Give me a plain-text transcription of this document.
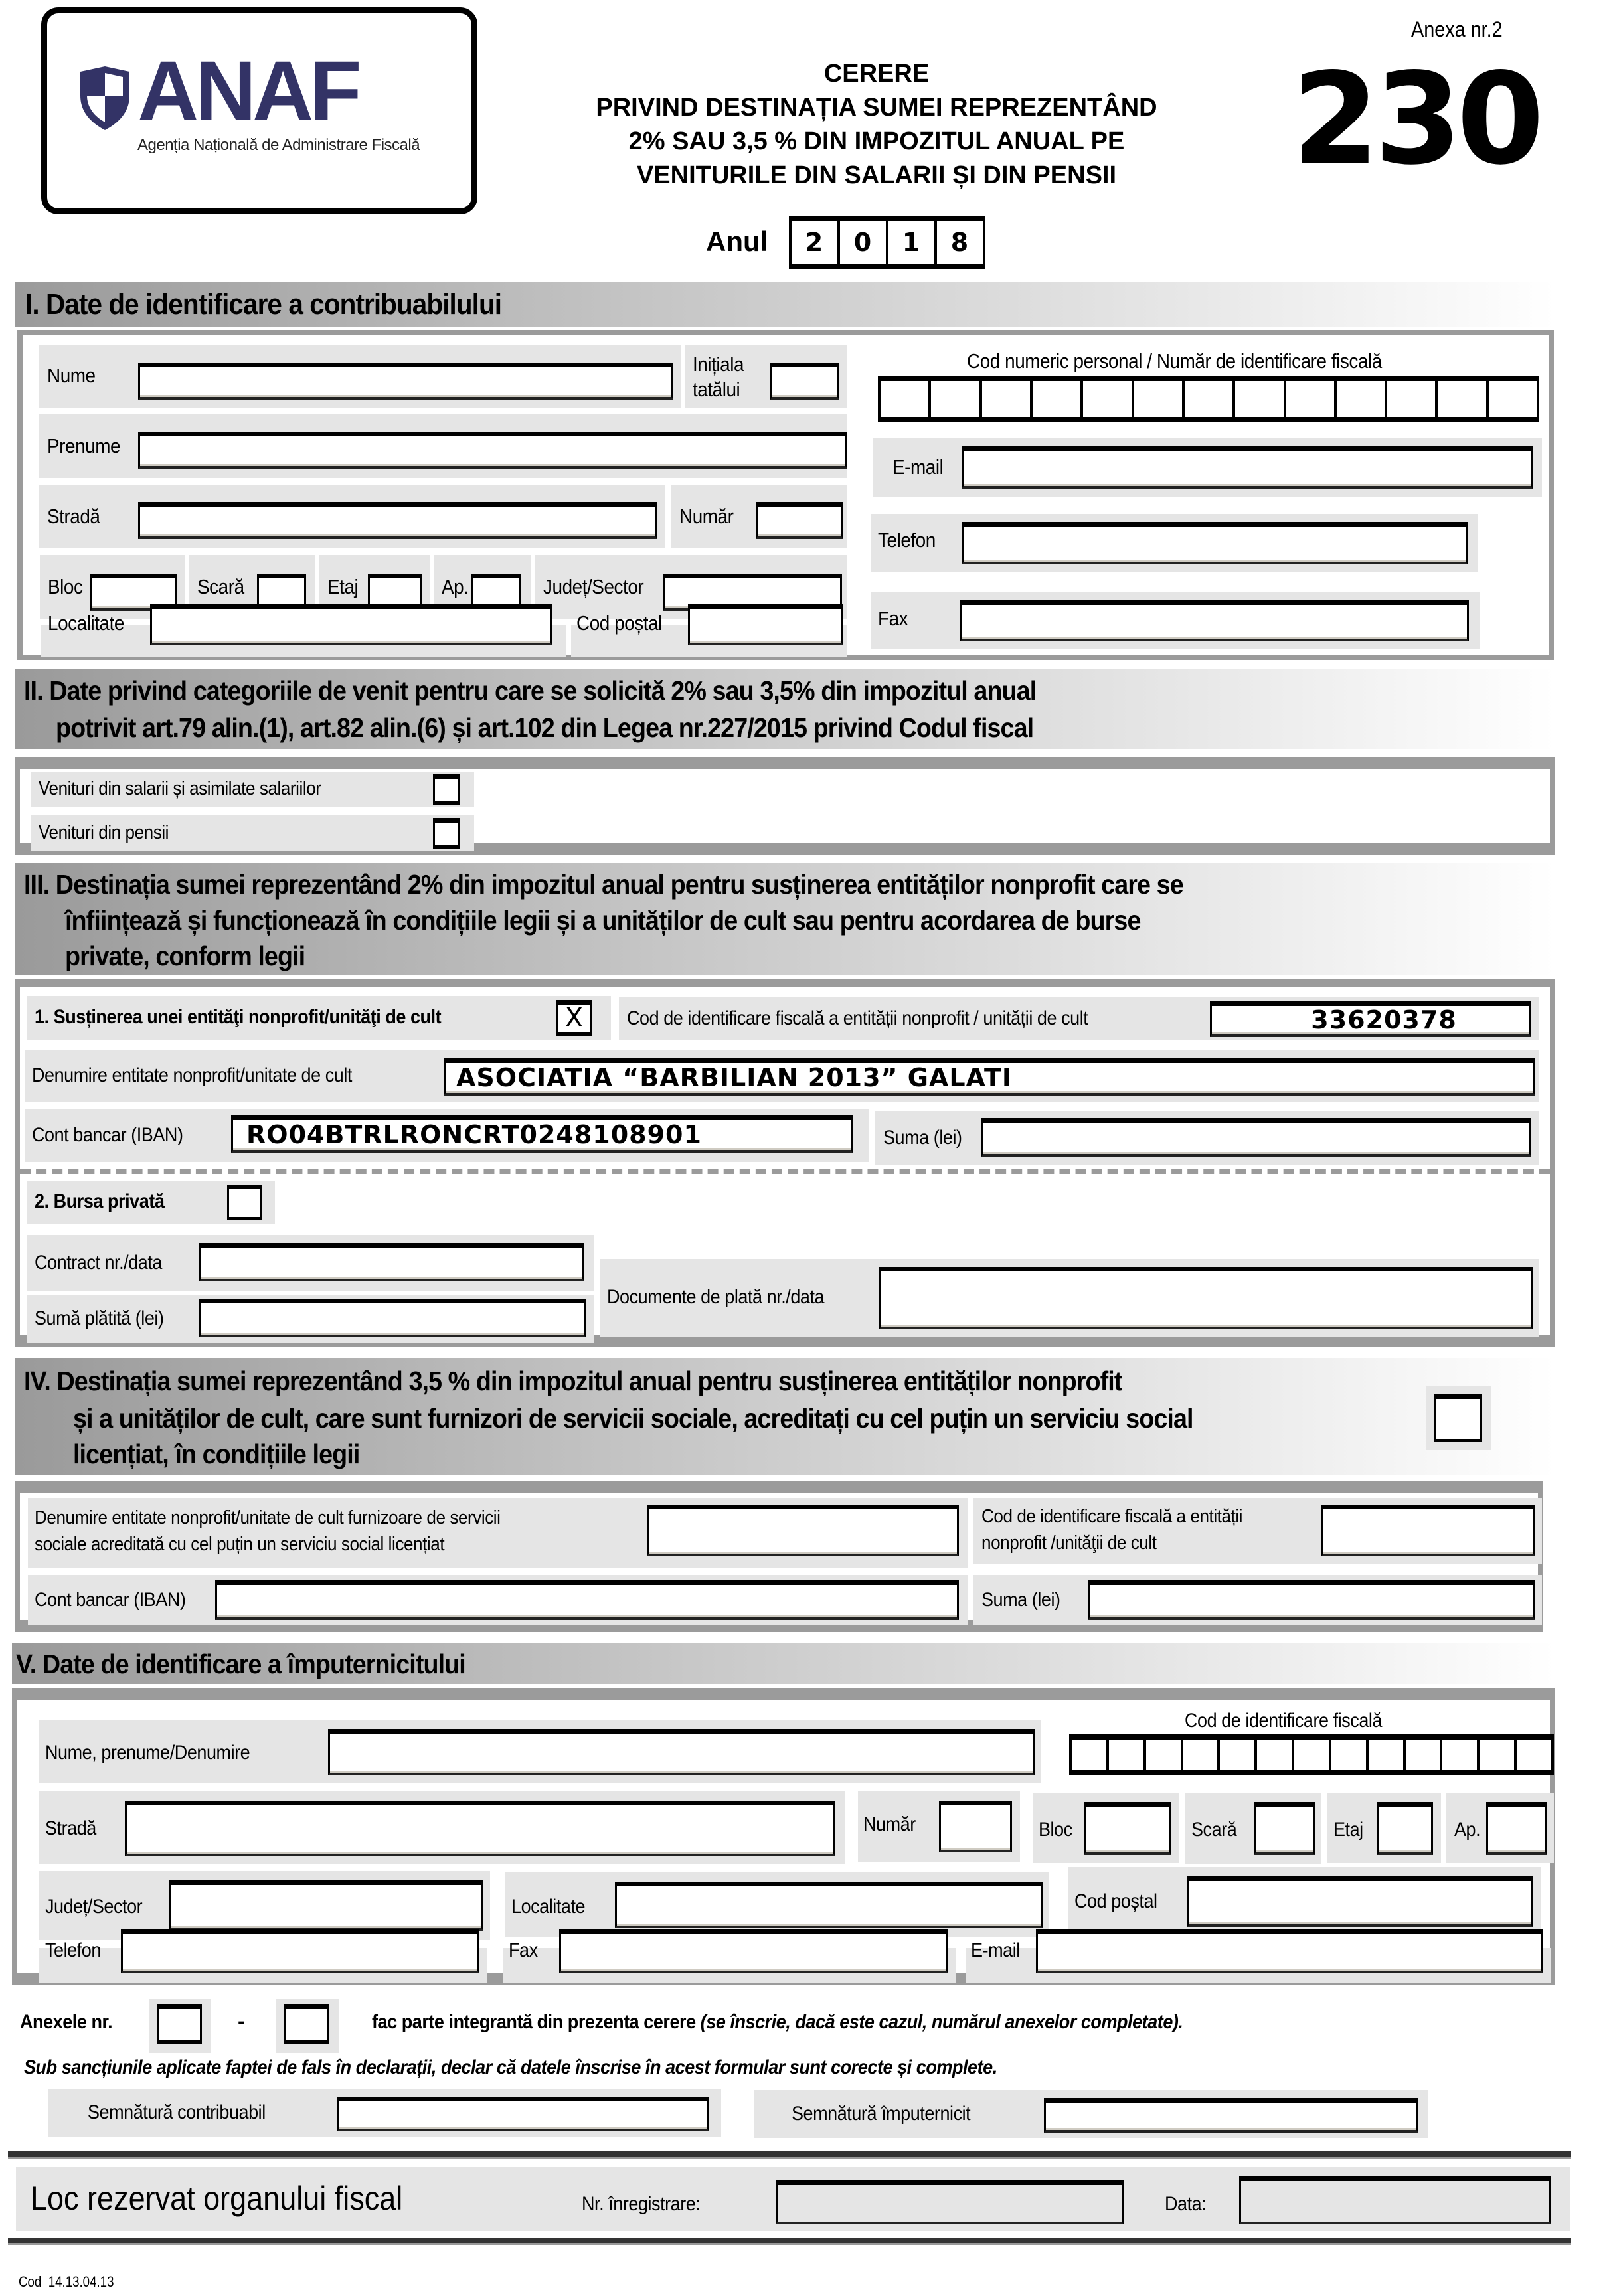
ANAF
Agenția Națională de Administrare Fiscală
Anexa nr.2
230
CERERE
PRIVIND DESTINAȚIA SUMEI REPREZENTÂND
2% SAU 3,5 % DIN IMPOZITUL ANUAL PE
VENITURILE DIN SALARII ȘI DIN PENSII
Anul	2	0	1	8
I. Date de identificare a contribuabilului
Nume	Inițiala
tatălui
Prenume
Stradă	Număr
Bloc	Scară	Etaj	Ap.	Județ/Sector
Localitate	Cod poștal
Cod numeric personal / Număr de identificare fiscală
E-mail
Telefon
Fax
II. Date privind categoriile de venit pentru care se solicită 2% sau 3,5% din impozitul anual
potrivit art.79 alin.(1), art.82 alin.(6) și art.102 din Legea nr.227/2015 privind Codul fiscal
Venituri din salarii și asimilate salariilor
Venituri din pensii
III. Destinația sumei reprezentând 2% din impozitul anual pentru susținerea entităților nonprofit care se
înființează și funcționează în condițiile legii și a unităților de cult sau pentru acordarea de burse
private, conform legii
1. Susținerea unei entităţi nonprofit/unităţi de cult	X	Cod de identificare fiscală a entității nonprofit / unității de cult	33620378
Denumire entitate nonprofit/unitate de cult	ASOCIATIA “BARBILIAN 2013” GALATI
Cont bancar (IBAN)	RO04BTRLRONCRT0248108901	Suma (lei)
2. Bursa privată
Contract nr./data
Sumă plătită (lei)
Documente de plată nr./data
IV. Destinația sumei reprezentând 3,5 % din impozitul anual pentru susținerea entităților nonprofit
și a unităților de cult, care sunt furnizori de servicii sociale, acreditați cu cel puțin un serviciu social
licențiat, în condițiile legii
Denumire entitate nonprofit/unitate de cult furnizoare de servicii
sociale acreditată cu cel puțin un serviciu social licențiat
Cod de identificare fiscală a entității
nonprofit /unităţii de cult
Cont bancar (IBAN)	Suma (lei)
V. Date de identificare a împuternicitului
Nume, prenume/Denumire
Cod de identificare fiscală
Stradă	Număr	Bloc	Scară	Etaj	Ap.
Județ/Sector	Localitate	Cod poștal
Telefon	Fax	E-mail
Anexele nr.	-	fac parte integrantă din prezenta cerere (se înscrie, dacă este cazul, numărul anexelor completate).
Sub sancțiunile aplicate faptei de fals în declarații, declar că datele înscrise în acest formular sunt corecte și complete.
Semnătură contribuabil	Semnătură împuternicit
Loc rezervat organului fiscal	Nr. înregistrare:	Data:
Cod  14.13.04.13
